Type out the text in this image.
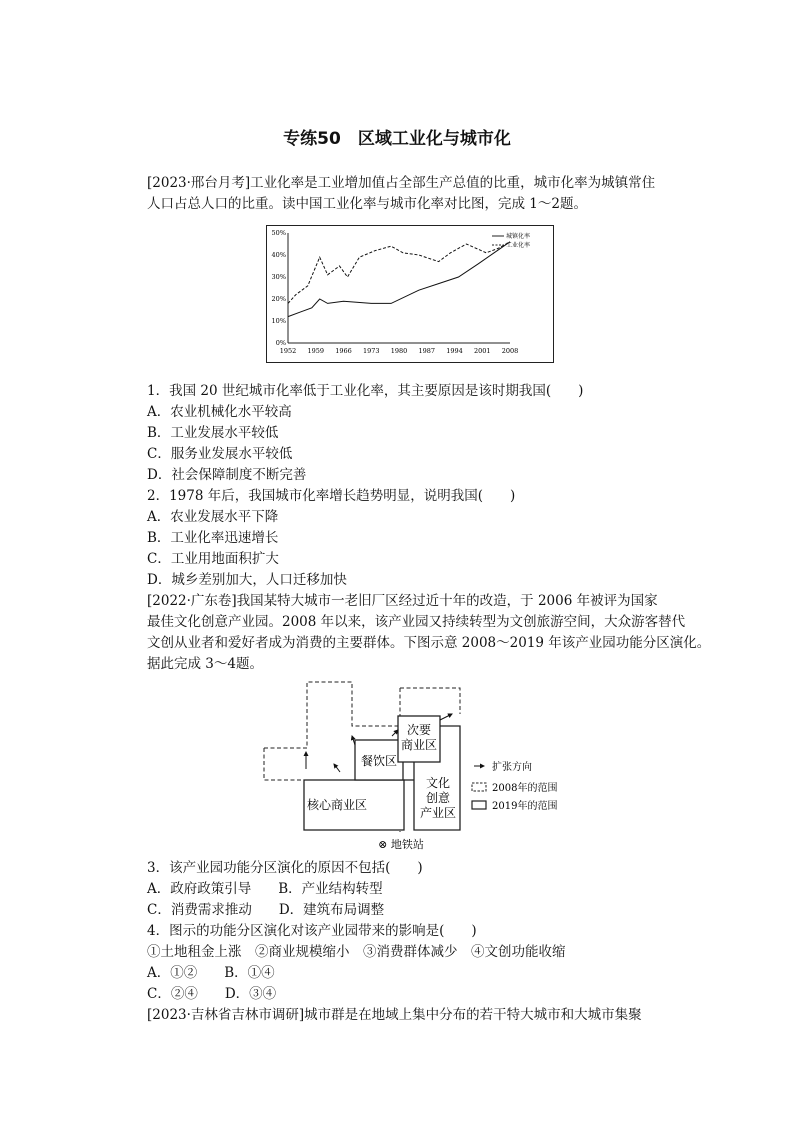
专练50　区域工业化与城市化
[2023·邢台月考]工业化率是工业增加值占全部生产总值的比重，城市化率为城镇常住
人口占总人口的比重。读中国工业化率与城市化率对比图，完成 1～2题。
0%
10%
20%
30%
40%
50%
1952 1959 1966 1973 1980 1987 1994 2001 2008
城镇化率
工业化率
1．我国 20 世纪城市化率低于工业化率，其主要原因是该时期我国(　　)
A．农业机械化水平较高
B．工业发展水平较低
C．服务业发展水平较低
D．社会保障制度不断完善
2．1978 年后，我国城市化率增长趋势明显，说明我国(　　)
A．农业发展水平下降
B．工业化率迅速增长
C．工业用地面积扩大
D．城乡差别加大，人口迁移加快
[2022·广东卷]我国某特大城市一老旧厂区经过近十年的改造，于 2006 年被评为国家
最佳文化创意产业园。2008 年以来，该产业园又持续转型为文创旅游空间，大众游客替代
文创从业者和爱好者成为消费的主要群体。下图示意 2008～2019 年该产业园功能分区演化。
据此完成 3～4题。
次要
商业区
餐饮区
核心商业区
文化
创意
产业区
扩张方向
2008年的范围
2019年的范围
⊗ 地铁站
3．该产业园功能分区演化的原因不包括(　　)
A．政府政策引导　　B．产业结构转型
C．消费需求推动　　D．建筑布局调整
4．图示的功能分区演化对该产业园带来的影响是(　　)
①土地租金上涨　②商业规模缩小　③消费群体减少　④文创功能收缩
A．①②　　B．①④
C．②④　　D．③④
[2023·吉林省吉林市调研]城市群是在地域上集中分布的若干特大城市和大城市集聚
